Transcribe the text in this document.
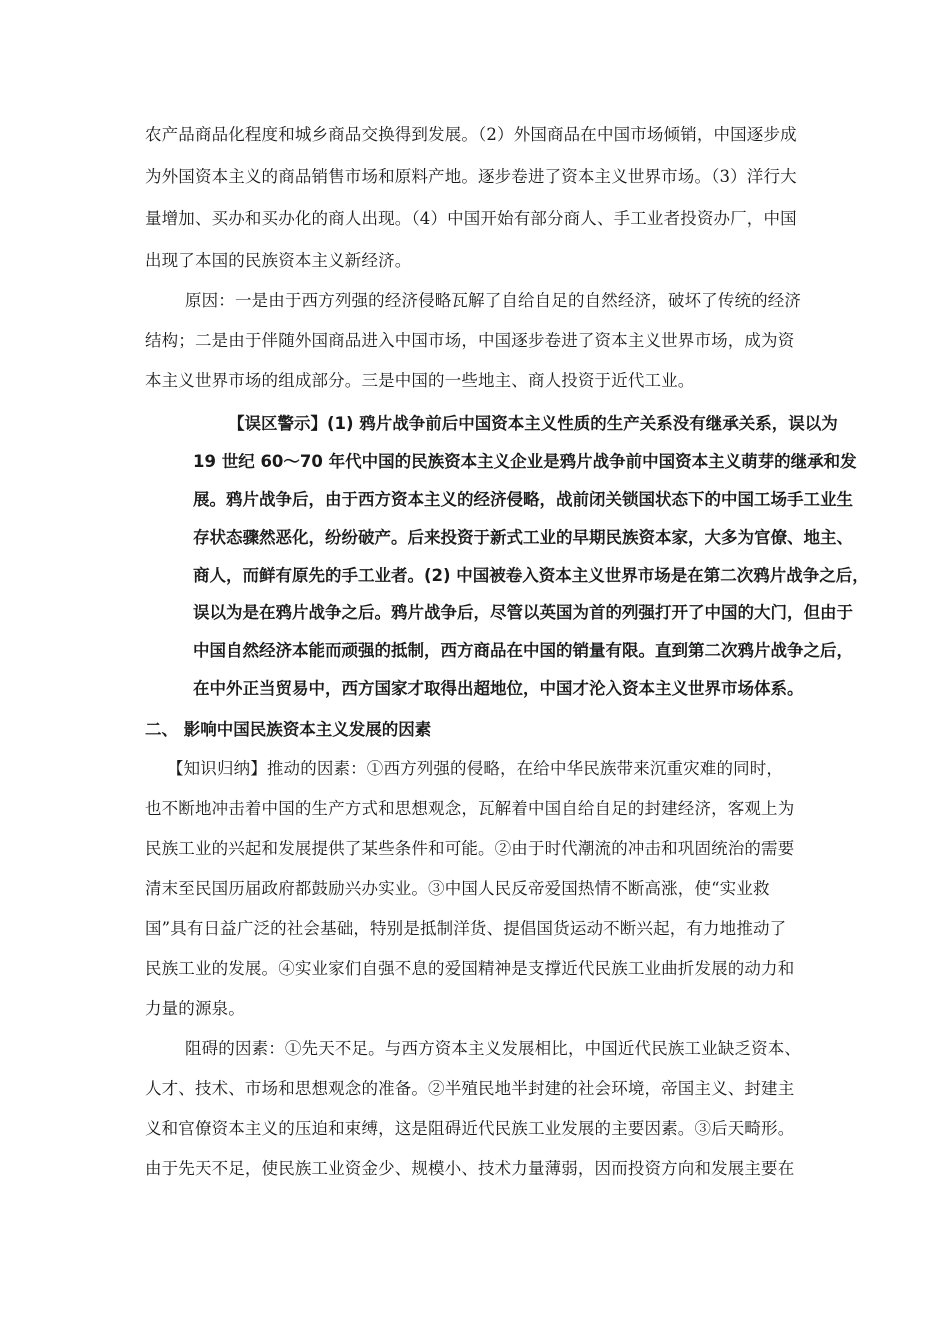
农产品商品化程度和城乡商品交换得到发展。（2）外国商品在中国市场倾销，中国逐步成
为外国资本主义的商品销售市场和原料产地。逐步卷进了资本主义世界市场。（3）洋行大
量增加、买办和买办化的商人出现。（4）中国开始有部分商人、手工业者投资办厂，中国
出现了本国的民族资本主义新经济。
原因：一是由于西方列强的经济侵略瓦解了自给自足的自然经济，破坏了传统的经济
结构；二是由于伴随外国商品进入中国市场，中国逐步卷进了资本主义世界市场，成为资
本主义世界市场的组成部分。三是中国的一些地主、商人投资于近代工业。
【误区警示】(1) 鸦片战争前后中国资本主义性质的生产关系没有继承关系，误以为
19 世纪 60～70 年代中国的民族资本主义企业是鸦片战争前中国资本主义萌芽的继承和发
展。鸦片战争后，由于西方资本主义的经济侵略，战前闭关锁国状态下的中国工场手工业生
存状态骤然恶化，纷纷破产。后来投资于新式工业的早期民族资本家，大多为官僚、地主、
商人，而鲜有原先的手工业者。(2) 中国被卷入资本主义世界市场是在第二次鸦片战争之后，
误以为是在鸦片战争之后。鸦片战争后，尽管以英国为首的列强打开了中国的大门，但由于
中国自然经济本能而顽强的抵制，西方商品在中国的销量有限。直到第二次鸦片战争之后，
在中外正当贸易中，西方国家才取得出超地位，中国才沦入资本主义世界市场体系。
二、 影响中国民族资本主义发展的因素
【知识归纳】推动的因素：①西方列强的侵略，在给中华民族带来沉重灾难的同时，
也不断地冲击着中国的生产方式和思想观念，瓦解着中国自给自足的封建经济，客观上为
民族工业的兴起和发展提供了某些条件和可能。②由于时代潮流的冲击和巩固统治的需要
清末至民国历届政府都鼓励兴办实业。③中国人民反帝爱国热情不断高涨，使“实业救
国”具有日益广泛的社会基础，特别是抵制洋货、提倡国货运动不断兴起，有力地推动了
民族工业的发展。④实业家们自强不息的爱国精神是支撑近代民族工业曲折发展的动力和
力量的源泉。
阻碍的因素：①先天不足。与西方资本主义发展相比，中国近代民族工业缺乏资本、
人才、技术、市场和思想观念的准备。②半殖民地半封建的社会环境，帝国主义、封建主
义和官僚资本主义的压迫和束缚，这是阻碍近代民族工业发展的主要因素。③后天畸形。
由于先天不足，使民族工业资金少、规模小、技术力量薄弱，因而投资方向和发展主要在
